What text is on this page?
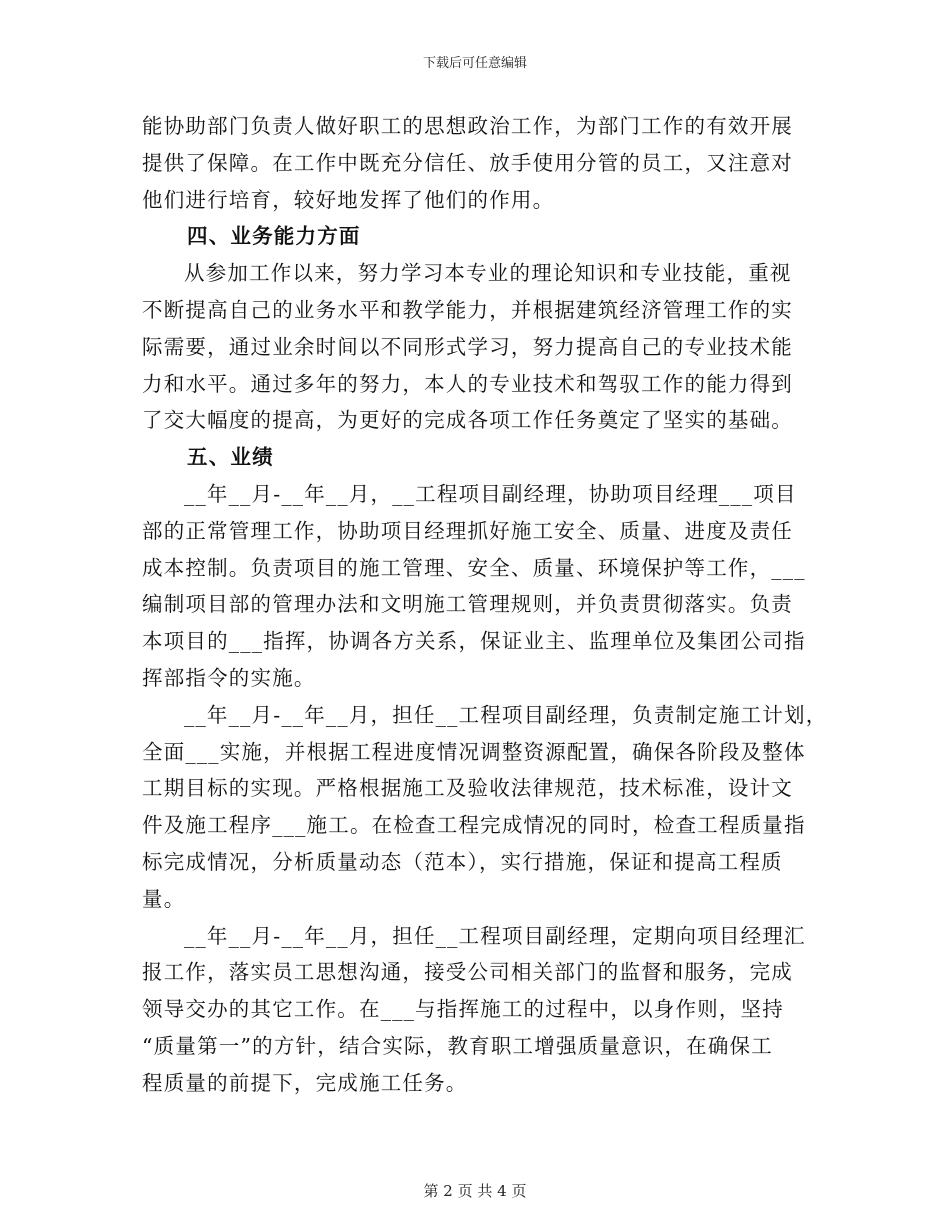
下载后可任意编辑
能协助部门负责人做好职工的思想政治工作，为部门工作的有效开展
提供了保障。在工作中既充分信任、放手使用分管的员工，又注意对
他们进行培育，较好地发挥了他们的作用。
四、业务能力方面
从参加工作以来，努力学习本专业的理论知识和专业技能，重视
不断提高自己的业务水平和教学能力，并根据建筑经济管理工作的实
际需要，通过业余时间以不同形式学习，努力提高自己的专业技术能
力和水平。通过多年的努力，本人的专业技术和驾驭工作的能力得到
了交大幅度的提高，为更好的完成各项工作任务奠定了坚实的基础。
五、业绩
__年__月-__年__月，__工程项目副经理，协助项目经理___项目
部的正常管理工作，协助项目经理抓好施工安全、质量、进度及责任
成本控制。负责项目的施工管理、安全、质量、环境保护等工作，___
编制项目部的管理办法和文明施工管理规则，并负责贯彻落实。负责
本项目的___指挥，协调各方关系，保证业主、监理单位及集团公司指
挥部指令的实施。
__年__月-__年__月，担任__工程项目副经理，负责制定施工计划，
全面___实施，并根据工程进度情况调整资源配置，确保各阶段及整体
工期目标的实现。严格根据施工及验收法律规范，技术标准，设计文
件及施工程序___施工。在检查工程完成情况的同时，检查工程质量指
标完成情况，分析质量动态（范本），实行措施，保证和提高工程质
量。
__年__月-__年__月，担任__工程项目副经理，定期向项目经理汇
报工作，落实员工思想沟通，接受公司相关部门的监督和服务，完成
领导交办的其它工作。在___与指挥施工的过程中，以身作则，坚持
“质量第一”的方针，结合实际，教育职工增强质量意识，在确保工
程质量的前提下，完成施工任务。
第 2 页 共 4 页
